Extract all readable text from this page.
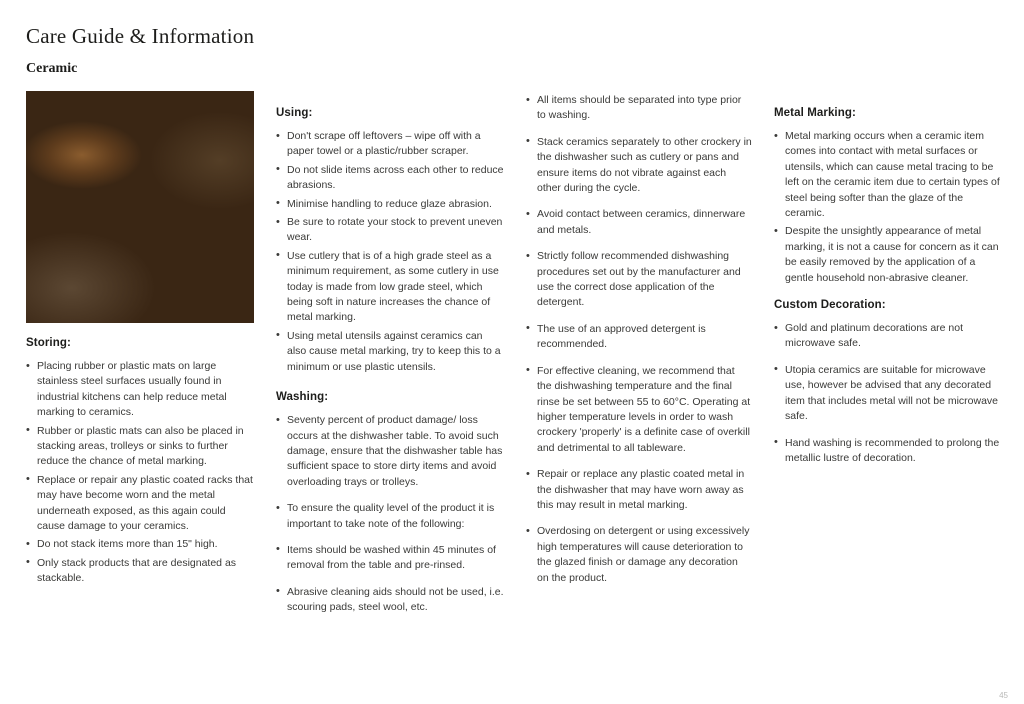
Care Guide & Information
Ceramic
Storing:
• Placing rubber or plastic mats on large stainless steel surfaces usually found in industrial kitchens can help reduce metal marking to ceramics.
• Rubber or plastic mats can also be placed in stacking areas, trolleys or sinks to further reduce the chance of metal marking.
• Replace or repair any plastic coated racks that may have become worn and the metal underneath exposed, as this again could cause damage to your ceramics.
• Do not stack items more than 15" high.
• Only stack products that are designated as stackable.
Using:
• Don't scrape off leftovers – wipe off with a paper towel or a plastic/rubber scraper.
• Do not slide items across each other to reduce abrasions.
• Minimise handling to reduce glaze abrasion.
• Be sure to rotate your stock to prevent uneven wear.
• Use cutlery that is of a high grade steel as a minimum requirement, as some cutlery in use today is made from low grade steel, which being soft in nature increases the chance of metal marking.
• Using metal utensils against ceramics can also cause metal marking, try to keep this to a minimum or use plastic utensils.
Washing:
• Seventy percent of product damage/ loss occurs at the dishwasher table. To avoid such damage, ensure that the dishwasher table has sufficient space to store dirty items and avoid overloading trays or trolleys.
• To ensure the quality level of the product it is important to take note of the following:
• Items should be washed within 45 minutes of removal from the table and pre-rinsed.
• Abrasive cleaning aids should not be used, i.e. scouring pads, steel wool, etc.
• All items should be separated into type prior to washing.
• Stack ceramics separately to other crockery in the dishwasher such as cutlery or pans and ensure items do not vibrate against each other during the cycle.
• Avoid contact between ceramics, dinnerware and metals.
• Strictly follow recommended dishwashing procedures set out by the manufacturer and use the correct dose application of the detergent.
• The use of an approved detergent is recommended.
• For effective cleaning, we recommend that the dishwashing temperature and the final rinse be set between 55 to 60°C. Operating at higher temperature levels in order to wash crockery 'properly' is a definite case of overkill and detrimental to all tableware.
• Repair or replace any plastic coated metal in the dishwasher that may have worn away as this may result in metal marking.
• Overdosing on detergent or using excessively high temperatures will cause deterioration to the glazed finish or damage any decoration on the product.
Metal Marking:
• Metal marking occurs when a ceramic item comes into contact with metal surfaces or utensils, which can cause metal tracing to be left on the ceramic item due to certain types of steel being softer than the glaze of the ceramic.
• Despite the unsightly appearance of metal marking, it is not a cause for concern as it can be easily removed by the application of a gentle household non-abrasive cleaner.
Custom Decoration:
• Gold and platinum decorations are not microwave safe.
• Utopia ceramics are suitable for microwave use, however be advised that any decorated item that includes metal will not be microwave safe.
• Hand washing is recommended to prolong the metallic lustre of decoration.
45
